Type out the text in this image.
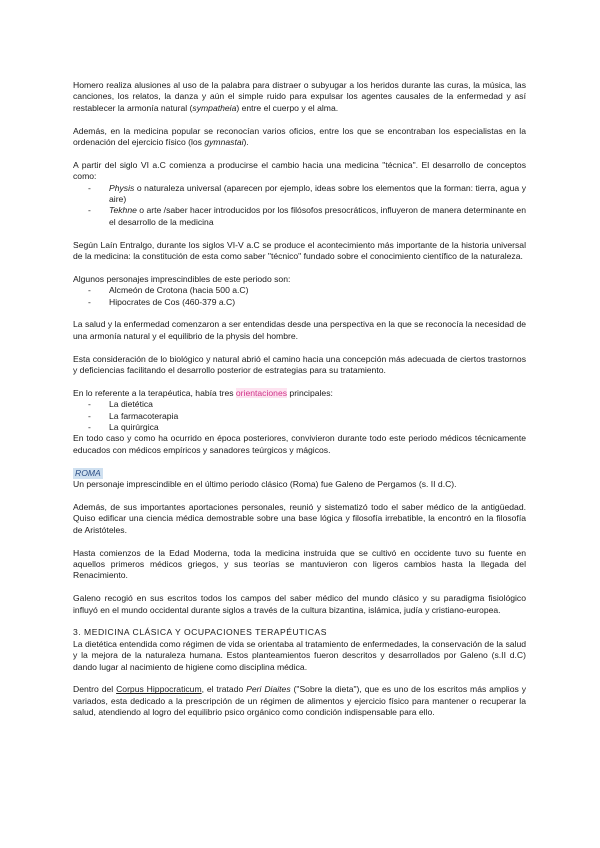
Homero realiza alusiones al uso de la palabra para distraer o subyugar a los heridos durante las curas, la música, las canciones, los relatos, la danza y aún el simple ruido para expulsar los agentes causales de la enfermedad y así restablecer la armonía natural (sympatheia) entre el cuerpo y el alma.

Además, en la medicina popular se reconocían varios oficios, entre los que se encontraban los especialistas en la ordenación del ejercicio físico (los gymnastai).

A partir del siglo VI a.C comienza a producirse el cambio hacia una medicina "técnica". El desarrollo de conceptos como:

- Physis o naturaleza universal (aparecen por ejemplo, ideas sobre los elementos que la forman: tierra, agua y aire)
- Tekhne o arte /saber hacer introducidos por los filósofos presocráticos, influyeron de manera determinante en el desarrollo de la medicina

Según Laín Entralgo, durante los siglos VI-V a.C se produce el acontecimiento más importante de la historia universal de la medicina: la constitución de esta como saber "técnico" fundado sobre el conocimiento científico de la naturaleza.

Algunos personajes imprescindibles de este periodo son:

- Alcmeón de Crotona (hacia 500 a.C)
- Hipocrates de Cos (460-379 a.C)

La salud y la enfermedad comenzaron a ser entendidas desde una perspectiva en la que se reconocía la necesidad de una armonía natural y el equilibrio de la physis del hombre.

Esta consideración de lo biológico y natural abrió el camino hacia una concepción más adecuada de ciertos trastornos y deficiencias facilitando el desarrollo posterior de estrategias para su tratamiento.

En lo referente a la terapéutica, había tres orientaciones principales:

- La dietética
- La farmacoterapia
- La quirúrgica

En todo caso y como ha ocurrido en época posteriores, convivieron durante todo este periodo médicos técnicamente educados con médicos empíricos y sanadores teúrgicos y mágicos.

ROMA

Un personaje imprescindible en el último periodo clásico (Roma) fue Galeno de Pergamos (s. II d.C).

Además, de sus importantes aportaciones personales, reunió y sistematizó todo el saber médico de la antigüedad. Quiso edificar una ciencia médica demostrable sobre una base lógica y filosofía irrebatible, la encontró en la filosofía de Aristóteles.

Hasta comienzos de la Edad Moderna, toda la medicina instruida que se cultivó en occidente tuvo su fuente en aquellos primeros médicos griegos, y sus teorías se mantuvieron con ligeros cambios hasta la llegada del Renacimiento.

Galeno recogió en sus escritos todos los campos del saber médico del mundo clásico y su paradigma fisiológico influyó en el mundo occidental durante siglos a través de la cultura bizantina, islámica, judía y cristiano-europea.

3. MEDICINA CLÁSICA Y OCUPACIONES TERAPÉUTICAS

La dietética entendida como régimen de vida se orientaba al tratamiento de enfermedades, la conservación de la salud y la mejora de la naturaleza humana. Estos planteamientos fueron descritos y desarrollados por Galeno (s.II d.C) dando lugar al nacimiento de higiene como disciplina médica.

Dentro del Corpus Hippocraticum, el tratado Peri Diaites ("Sobre la dieta"), que es uno de los escritos más amplios y variados, esta dedicado a la prescripción de un régimen de alimentos y ejercicio físico para mantener o recuperar la salud, atendiendo al logro del equilibrio psico orgánico como condición indispensable para ello.
